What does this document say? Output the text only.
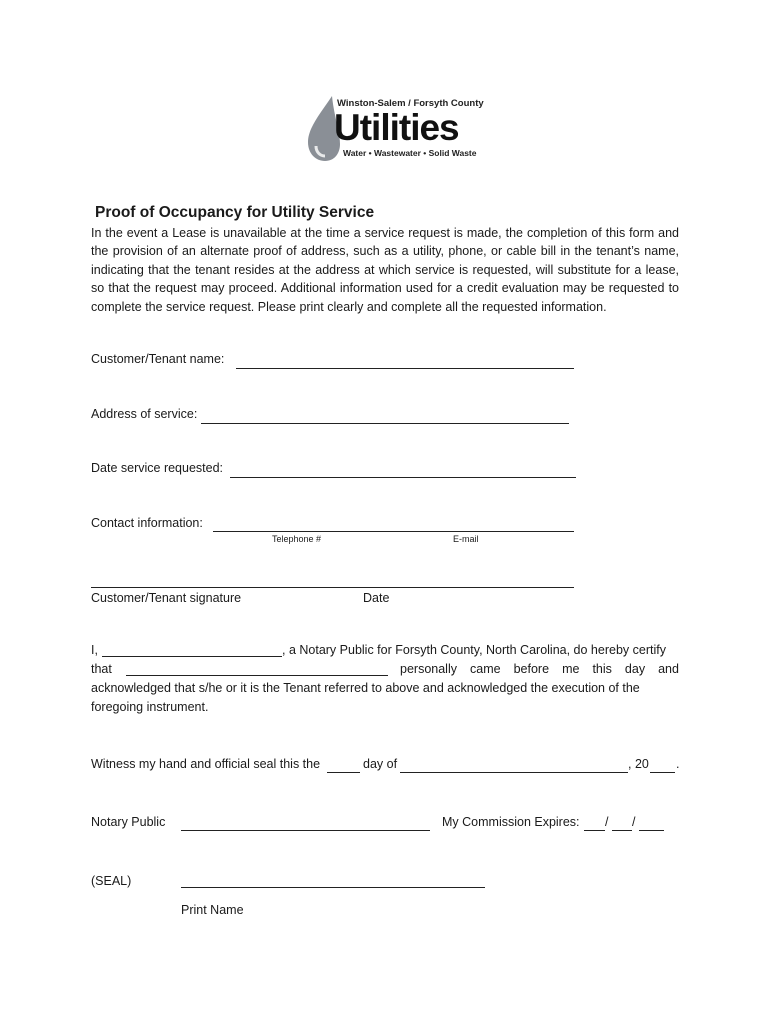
Winston-Salem / Forsyth County
Utilities
Water • Wastewater • Solid Waste
Proof of Occupancy for Utility Service

In the event a Lease is unavailable at the time a service request is made, the completion of this form and the provision of an alternate proof of address, such as a utility, phone, or cable bill in the tenant’s name, indicating that the tenant resides at the address at which service is requested, will substitute for a lease, so that the request may proceed. Additional information used for a credit evaluation may be requested to complete the service request. Please print clearly and complete all the requested information.

Customer/Tenant name:
Address of service:
Date service requested:
Contact information:
Telephone #	E-mail
Customer/Tenant signature	Date
I,	, a Notary Public for Forsyth County, North Carolina, do hereby certify
that	personally came before me this day and
acknowledged that s/he or it is the Tenant referred to above and acknowledged the execution of the
foregoing instrument.
Witness my hand and official seal this the	day of	, 20 .
Notary Public	My Commission Expires: / /
(SEAL)
Print Name
